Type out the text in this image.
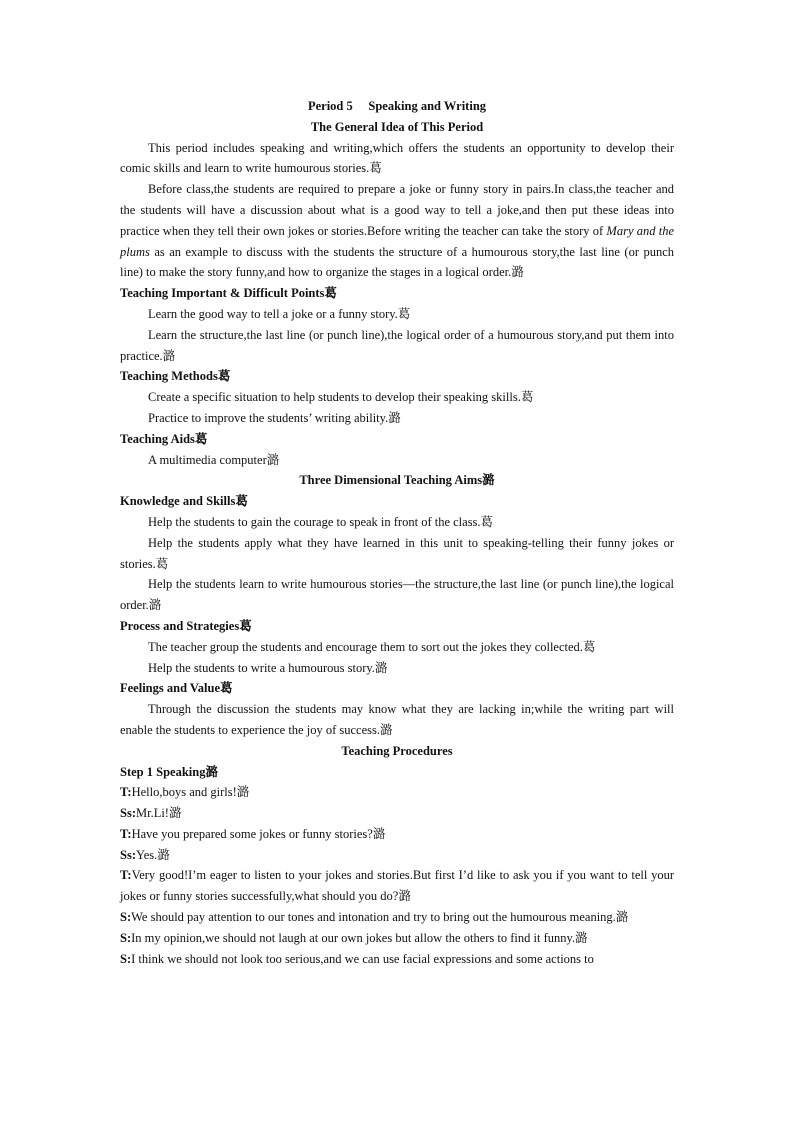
Period 5  Speaking and Writing
The General Idea of This Period
This period includes speaking and writing,which offers the students an opportunity to develop their comic skills and learn to write humourous stories.葛
Before class,the students are required to prepare a joke or funny story in pairs.In class,the teacher and the students will have a discussion about what is a good way to tell a joke,and then put these ideas into practice when they tell their own jokes or stories.Before writing the teacher can take the story of Mary and the plums as an example to discuss with the students the structure of a humourous story,the last line (or punch line) to make the story funny,and how to organize the stages in a logical order.潞
Teaching Important & Difficult Points葛
Learn the good way to tell a joke or a funny story.葛
Learn the structure,the last line (or punch line),the logical order of a humourous story,and put them into practice.潞
Teaching Methods葛
Create a specific situation to help students to develop their speaking skills.葛
Practice to improve the students’ writing ability.潞
Teaching Aids葛
A multimedia computer潞
Three Dimensional Teaching Aims潞
Knowledge and Skills葛
Help the students to gain the courage to speak in front of the class.葛
Help the students apply what they have learned in this unit to speaking-telling their funny jokes or stories.葛
Help the students learn to write humourous stories—the structure,the last line (or punch line),the logical order.潞
Process and Strategies葛
The teacher group the students and encourage them to sort out the jokes they collected.葛
Help the students to write a humourous story.潞
Feelings and Value葛
Through the discussion the students may know what they are lacking in;while the writing part will enable the students to experience the joy of success.潞
Teaching Procedures
Step 1 Speaking潞
T:Hello,boys and girls!潞
Ss:Mr.Li!潞
T:Have you prepared some jokes or funny stories?潞
Ss:Yes.潞
T:Very good!I’m eager to listen to your jokes and stories.But first I’d like to ask you if you want to tell your jokes or funny stories successfully,what should you do?潞
S:We should pay attention to our tones and intonation and try to bring out the humourous meaning.潞
S:In my opinion,we should not laugh at our own jokes but allow the others to find it funny.潞
S:I think we should not look too serious,and we can use facial expressions and some actions to
